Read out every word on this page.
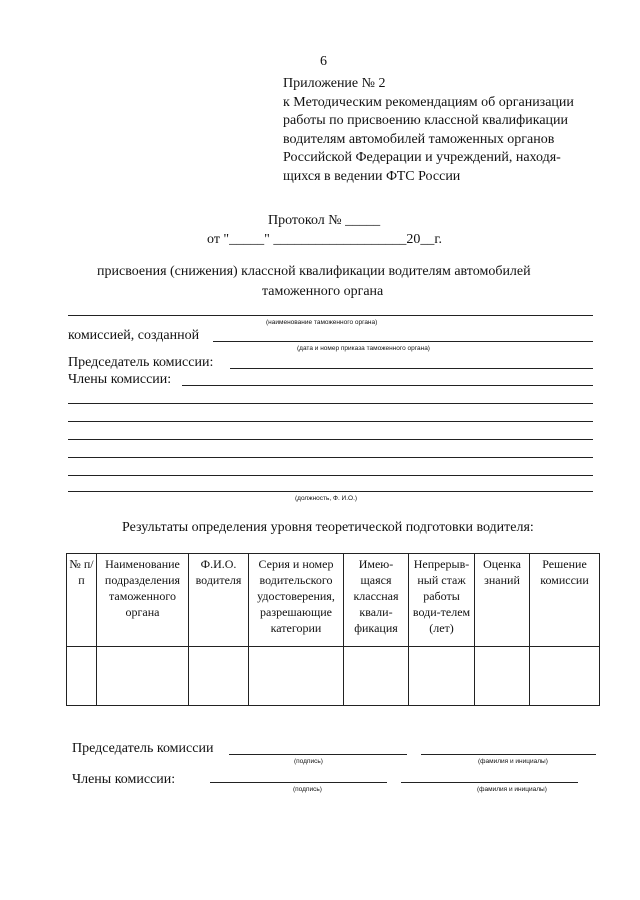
6
Приложение № 2
к Методическим рекомендациям об организации
работы по присвоению классной квалификации
водителям автомобилей таможенных органов
Российской Федерации и учреждений, находя-
щихся в ведении ФТС России
Протокол № _____
от "_____" ___________________20__г.
присвоения (снижения) классной квалификации водителям автомобилей
таможенного органа
(наименование таможенного органа)
комиссией, созданной
(дата и номер приказа таможенного органа)
Председатель комиссии:
Члены комиссии:
(должность, Ф. И.О.)
Результаты определения уровня теоретической подготовки водителя:
№ п/п	Наименование подразделения таможенного органа	Ф.И.О. водителя	Серия и номер водительского удостоверения, разрешающие категории	Имею-щаяся классная квали-фикация	Непрерыв-ный стаж работы води-телем (лет)	Оценка знаний	Решение комиссии

Председатель комиссии
(подпись)	(фамилия и инициалы)
Члены комиссии:
(подпись)	(фамилия и инициалы)
